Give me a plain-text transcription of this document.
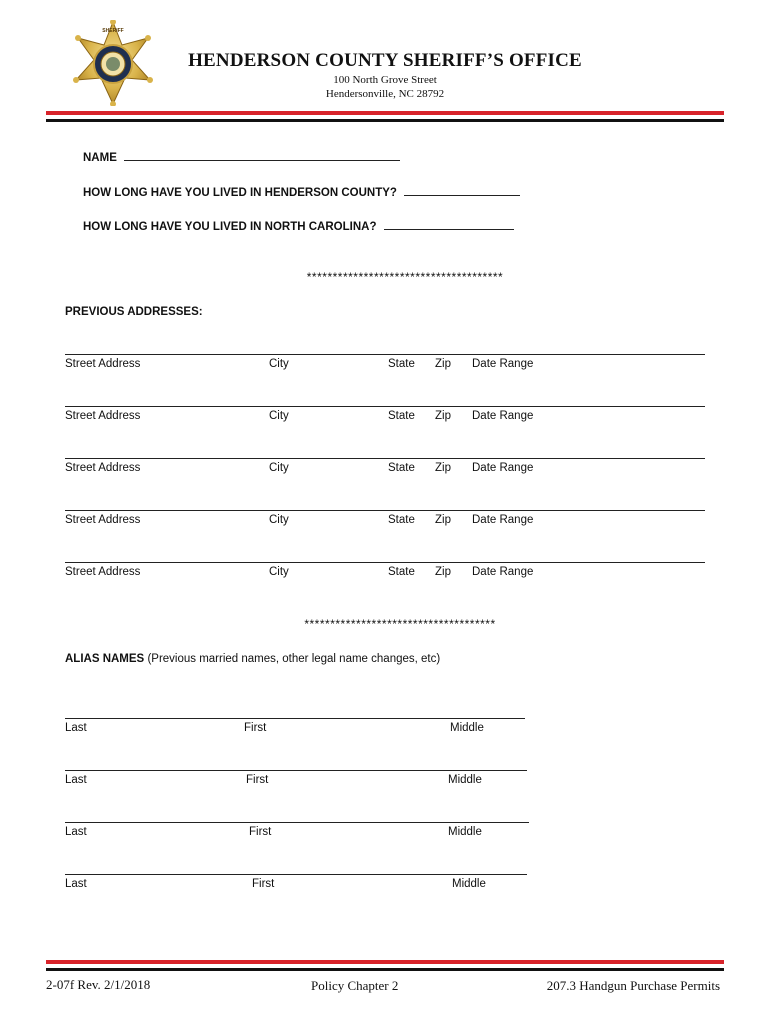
SHERIFF
HENDERSON COUNTY SHERIFF’S OFFICE
100 North Grove Street
Hendersonville, NC 28792
NAME
HOW LONG HAVE YOU LIVED IN HENDERSON COUNTY?
HOW LONG HAVE YOU LIVED IN NORTH CAROLINA?
**************************************
PREVIOUS ADDRESSES:
Street Address	City	State Zip Date Range
Street Address	City	State Zip Date Range
Street Address	City	State Zip Date Range
Street Address	City	State Zip Date Range
Street Address	City	State Zip Date Range
*************************************
ALIAS NAMES (Previous married names, other legal name changes, etc)
Last	First	Middle
Last	First	Middle
Last	First	Middle
Last	First	Middle
2-07f Rev. 2/1/2018	Policy Chapter 2	207.3 Handgun Purchase Permits
